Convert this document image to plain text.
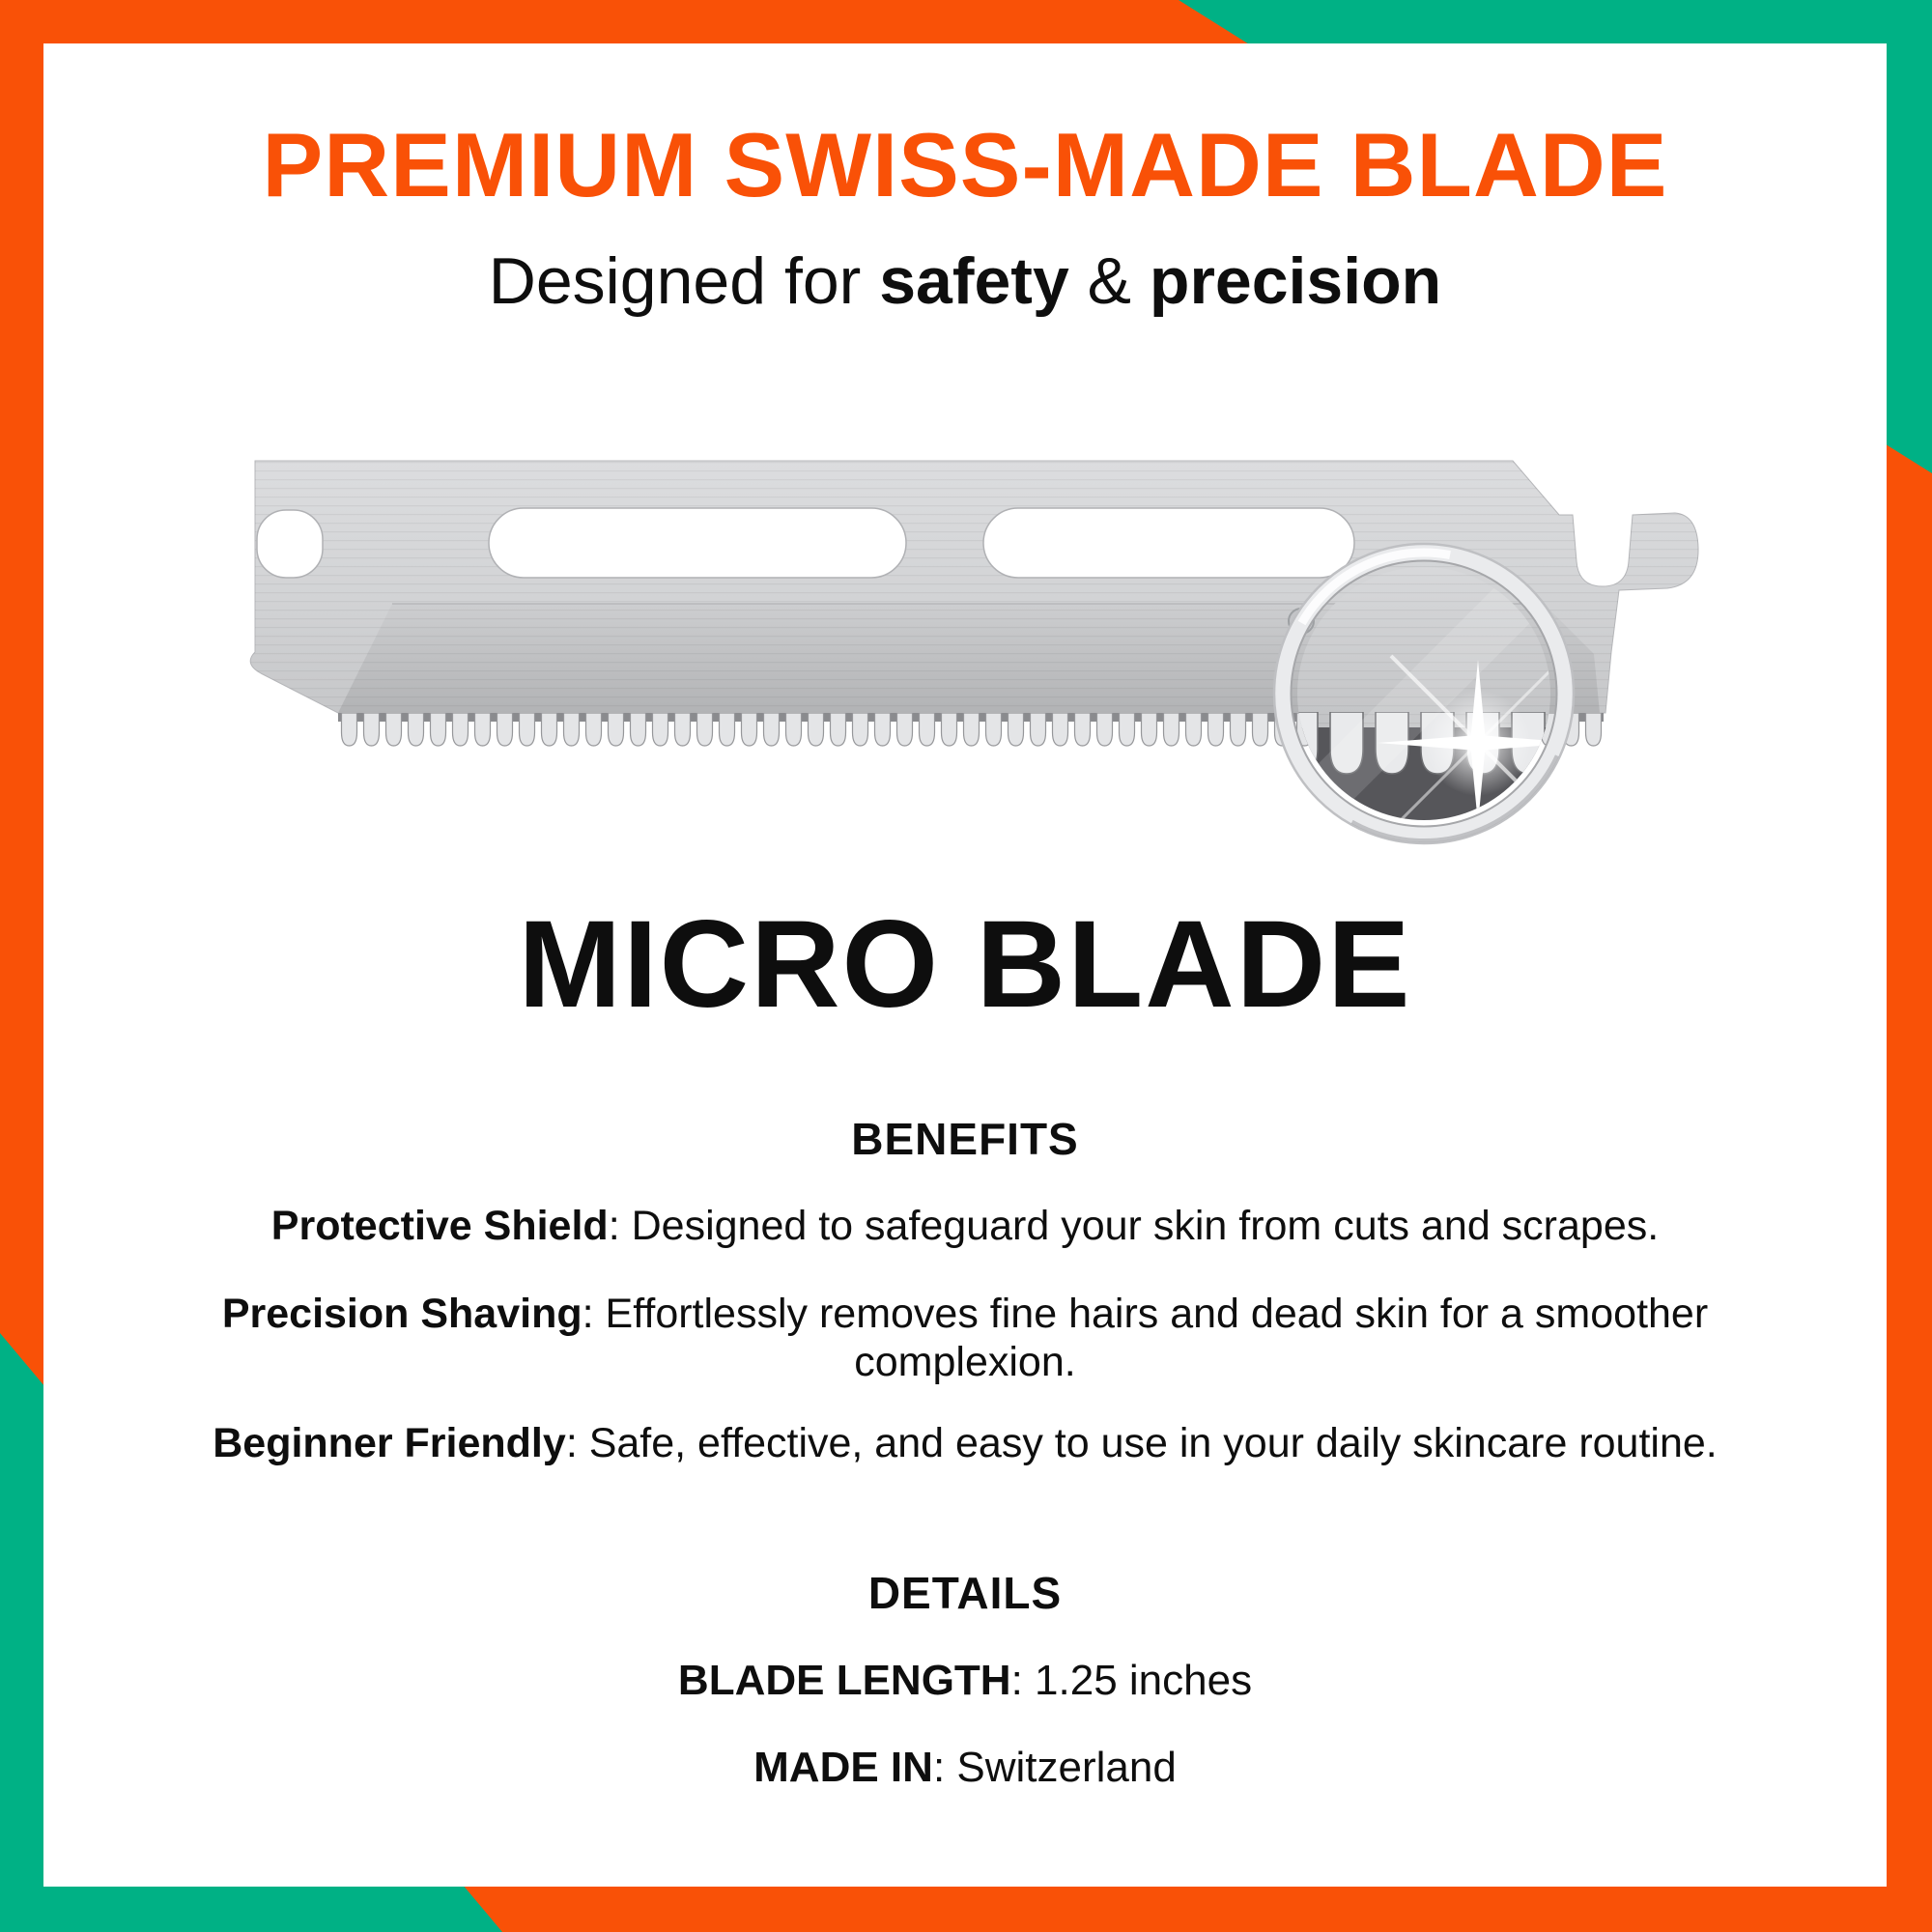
PREMIUM SWISS-MADE BLADE
Designed for safety & precision
MICRO BLADE
BENEFITS
Protective Shield: Designed to safeguard your skin from cuts and scrapes.
Precision Shaving: Effortlessly removes fine hairs and dead skin for a smoother complexion.
Beginner Friendly: Safe, effective, and easy to use in your daily skincare routine.
DETAILS
BLADE LENGTH: 1.25 inches
MADE IN: Switzerland
